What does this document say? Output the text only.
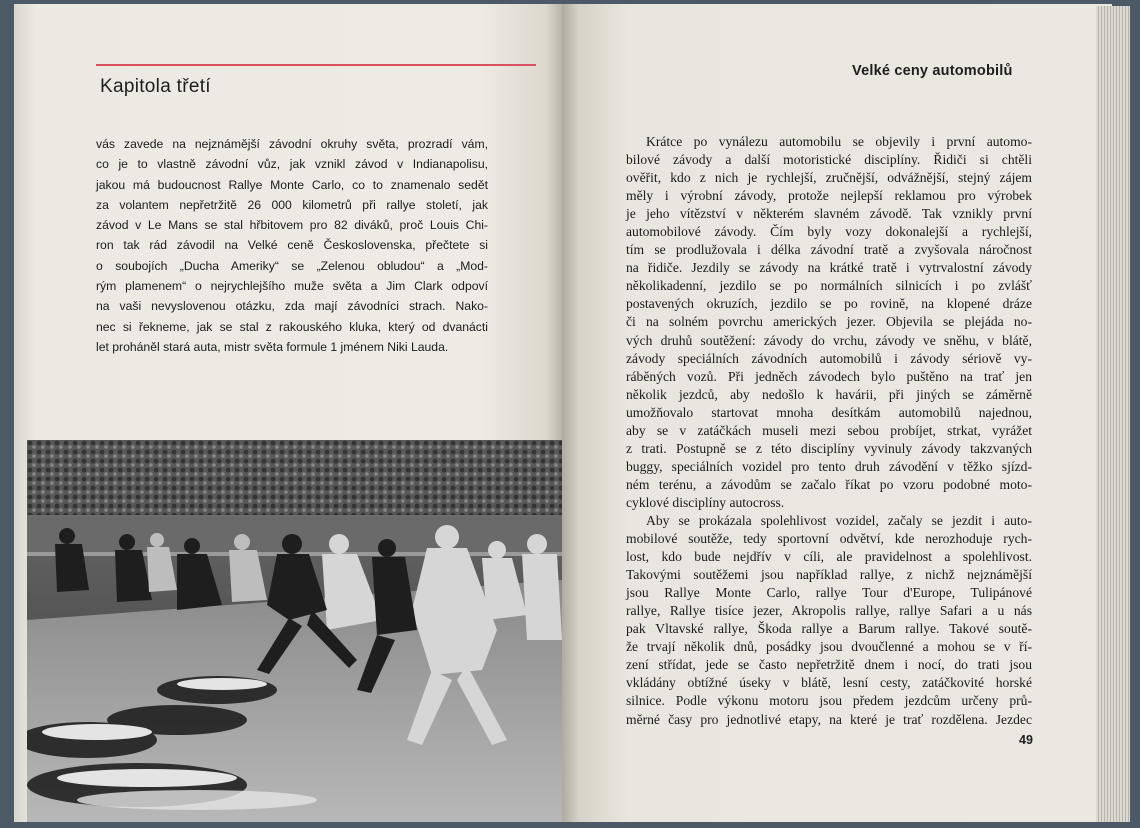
Kapitola třetí
vás zavede na nejznámější závodní okruhy světa, prozradí vám,
co je to vlastně závodní vůz, jak vznikl závod v Indianapolisu,
jakou má budoucnost Rallye Monte Carlo, co to znamenalo sedět
za volantem nepřetržitě 26 000 kilometrů při rallye století, jak
závod v Le Mans se stal hřbitovem pro 82 diváků, proč Louis Chi-
ron tak rád závodil na Velké ceně Československa, přečtete si
o soubojích „Ducha Ameriky“ se „Zelenou obludou“ a „Mod-
rým plamenem“ o nejrychlejšího muže světa a Jim Clark odpoví
na vaši nevyslovenou otázku, zda mají závodníci strach. Nako-
nec si řekneme, jak se stal z rakouského kluka, který od dvanácti
let proháněl stará auta, mistr světa formule 1 jménem Niki Lauda.
Velké ceny automobilů
Krátce po vynálezu automobilu se objevily i první automo-
bilové závody a další motoristické disciplíny. Řidiči si chtěli
ověřit, kdo z nich je rychlejší, zručnější, odvážnější, stejný zájem
měly i výrobní závody, protože nejlepší reklamou pro výrobek
je jeho vítězství v některém slavném závodě. Tak vznikly první
automobilové závody. Čím byly vozy dokonalejší a rychlejší,
tím se prodlužovala i délka závodní tratě a zvyšovala náročnost
na řidiče. Jezdily se závody na krátké tratě i vytrvalostní závody
několikadenní, jezdilo se po normálních silnicích i po zvlášť
postavených okruzích, jezdilo se po rovině, na klopené dráze
či na solném povrchu amerických jezer. Objevila se plejáda no-
vých druhů soutěžení: závody do vrchu, závody ve sněhu, v blátě,
závody speciálních závodních automobilů i závody sériově vy-
ráběných vozů. Při jedněch závodech bylo puštěno na trať jen
několik jezdců, aby nedošlo k havárii, při jiných se záměrně
umožňovalo startovat mnoha desítkám automobilů najednou,
aby se v zatáčkách museli mezi sebou probíjet, strkat, vyrážet
z trati. Postupně se z této disciplíny vyvinuly závody takzvaných
buggy, speciálních vozidel pro tento druh závodění v těžko sjízd-
ném terénu, a závodům se začalo říkat po vzoru podobné moto-
cyklové disciplíny autocross.
Aby se prokázala spolehlivost vozidel, začaly se jezdit i auto-
mobilové soutěže, tedy sportovní odvětví, kde nerozhoduje rych-
lost, kdo bude nejdřív v cíli, ale pravidelnost a spolehlivost.
Takovými soutěžemi jsou například rallye, z nichž nejznámější
jsou Rallye Monte Carlo, rallye Tour d'Europe, Tulipánové
rallye, Rallye tisíce jezer, Akropolis rallye, rallye Safari a u nás
pak Vltavské rallye, Škoda rallye a Barum rallye. Takové soutě-
že trvají několik dnů, posádky jsou dvoučlenné a mohou se v ří-
zení střídat, jede se často nepřetržitě dnem i nocí, do trati jsou
vkládány obtížné úseky v blátě, lesní cesty, zatáčkovité horské
silnice. Podle výkonu motoru jsou předem jezdcům určeny prů-
měrné časy pro jednotlivé etapy, na které je trať rozdělena. Jezdec
49
